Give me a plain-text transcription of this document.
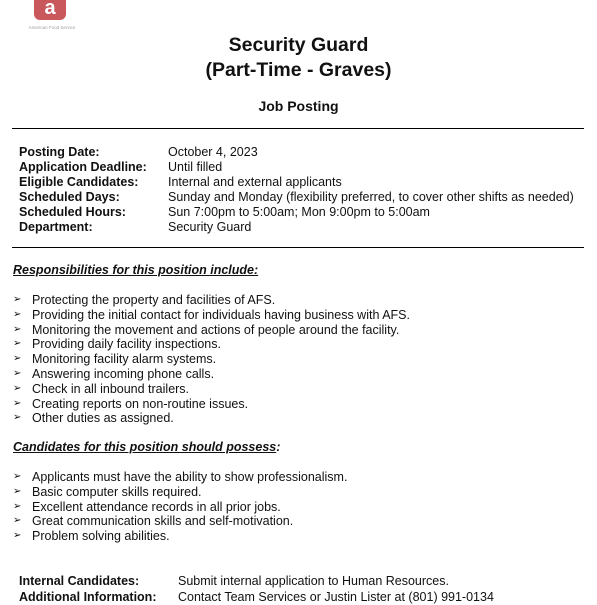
a
American Food Service
Security Guard
(Part-Time - Graves)
Job Posting
Posting Date:	October 4, 2023
Application Deadline:	Until filled
Eligible Candidates:	Internal and external applicants
Scheduled Days:	Sunday and Monday (flexibility preferred, to cover other shifts as needed)
Scheduled Hours:	Sun 7:00pm to 5:00am; Mon 9:00pm to 5:00am
Department:	Security Guard

Responsibilities for this position include:

➢ Protecting the property and facilities of AFS.
➢ Providing the initial contact for individuals having business with AFS.
➢ Monitoring the movement and actions of people around the facility.
➢ Providing daily facility inspections.
➢ Monitoring facility alarm systems.
➢ Answering incoming phone calls.
➢ Check in all inbound trailers.
➢ Creating reports on non-routine issues.
➢ Other duties as assigned.

Candidates for this position should possess:

➢ Applicants must have the ability to show professionalism.
➢ Basic computer skills required.
➢ Excellent attendance records in all prior jobs.
➢ Great communication skills and self-motivation.
➢ Problem solving abilities.
Internal Candidates:	Submit internal application to Human Resources.
Additional Information:	Contact Team Services or Justin Lister at (801) 991-0134
